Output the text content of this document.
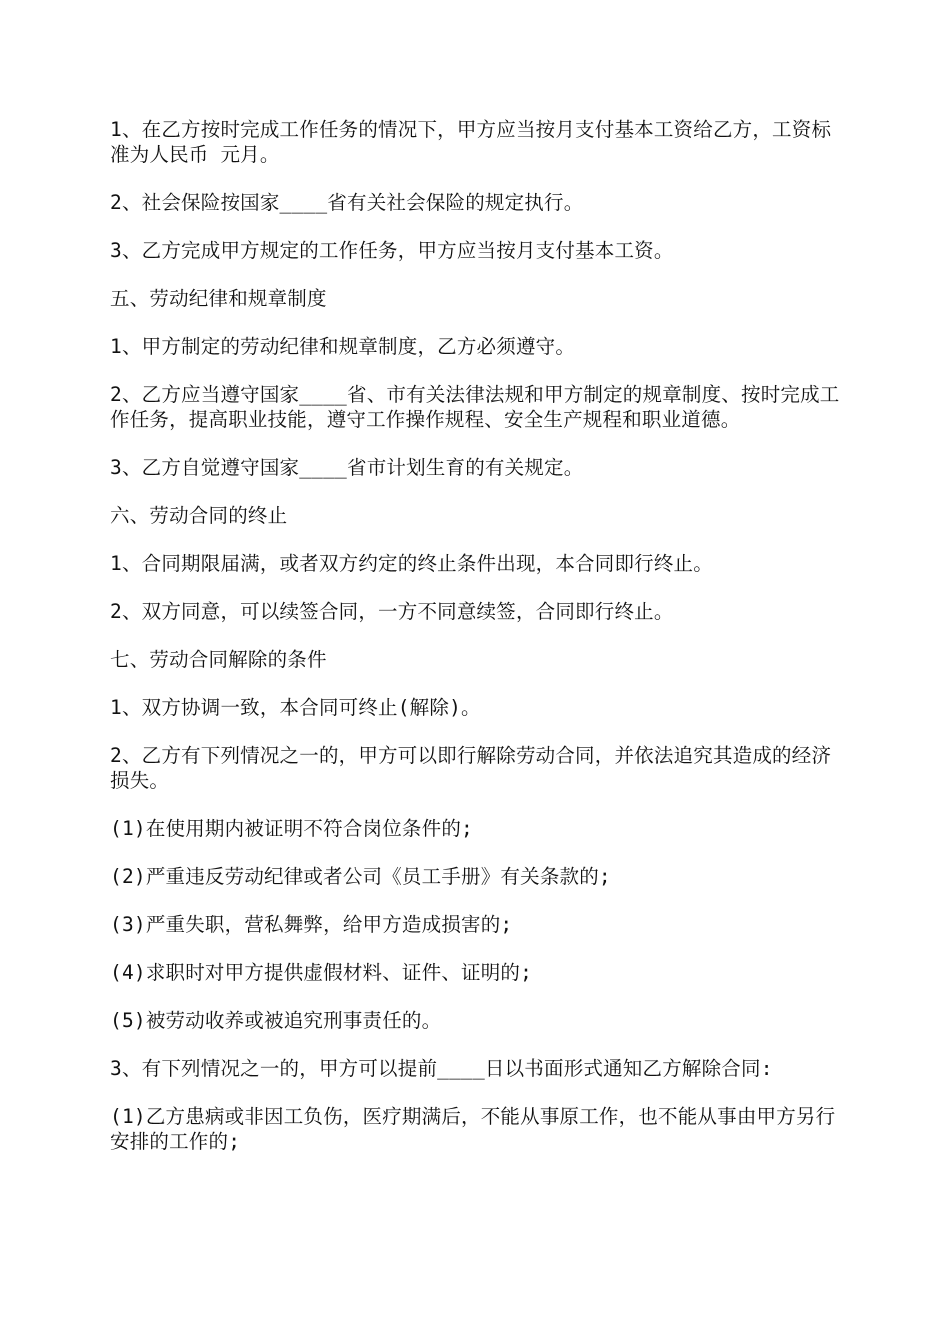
1、在乙方按时完成工作任务的情况下，甲方应当按月支付基本工资给乙方，工资标准为人民币 元月。

2、社会保险按国家____省有关社会保险的规定执行。

3、乙方完成甲方规定的工作任务，甲方应当按月支付基本工资。

五、劳动纪律和规章制度

1、甲方制定的劳动纪律和规章制度，乙方必须遵守。

2、乙方应当遵守国家____省、市有关法律法规和甲方制定的规章制度、按时完成工作任务，提高职业技能，遵守工作操作规程、安全生产规程和职业道德。

3、乙方自觉遵守国家____省市计划生育的有关规定。

六、劳动合同的终止

1、合同期限届满，或者双方约定的终止条件出现，本合同即行终止。

2、双方同意，可以续签合同，一方不同意续签，合同即行终止。

七、劳动合同解除的条件

1、双方协调一致，本合同可终止(解除)。

2、乙方有下列情况之一的，甲方可以即行解除劳动合同，并依法追究其造成的经济损失。

(1)在使用期内被证明不符合岗位条件的;

(2)严重违反劳动纪律或者公司《员工手册》有关条款的;

(3)严重失职，营私舞弊，给甲方造成损害的;

(4)求职时对甲方提供虚假材料、证件、证明的;

(5)被劳动收养或被追究刑事责任的。

3、有下列情况之一的，甲方可以提前____日以书面形式通知乙方解除合同:

(1)乙方患病或非因工负伤，医疗期满后，不能从事原工作，也不能从事由甲方另行安排的工作的;
